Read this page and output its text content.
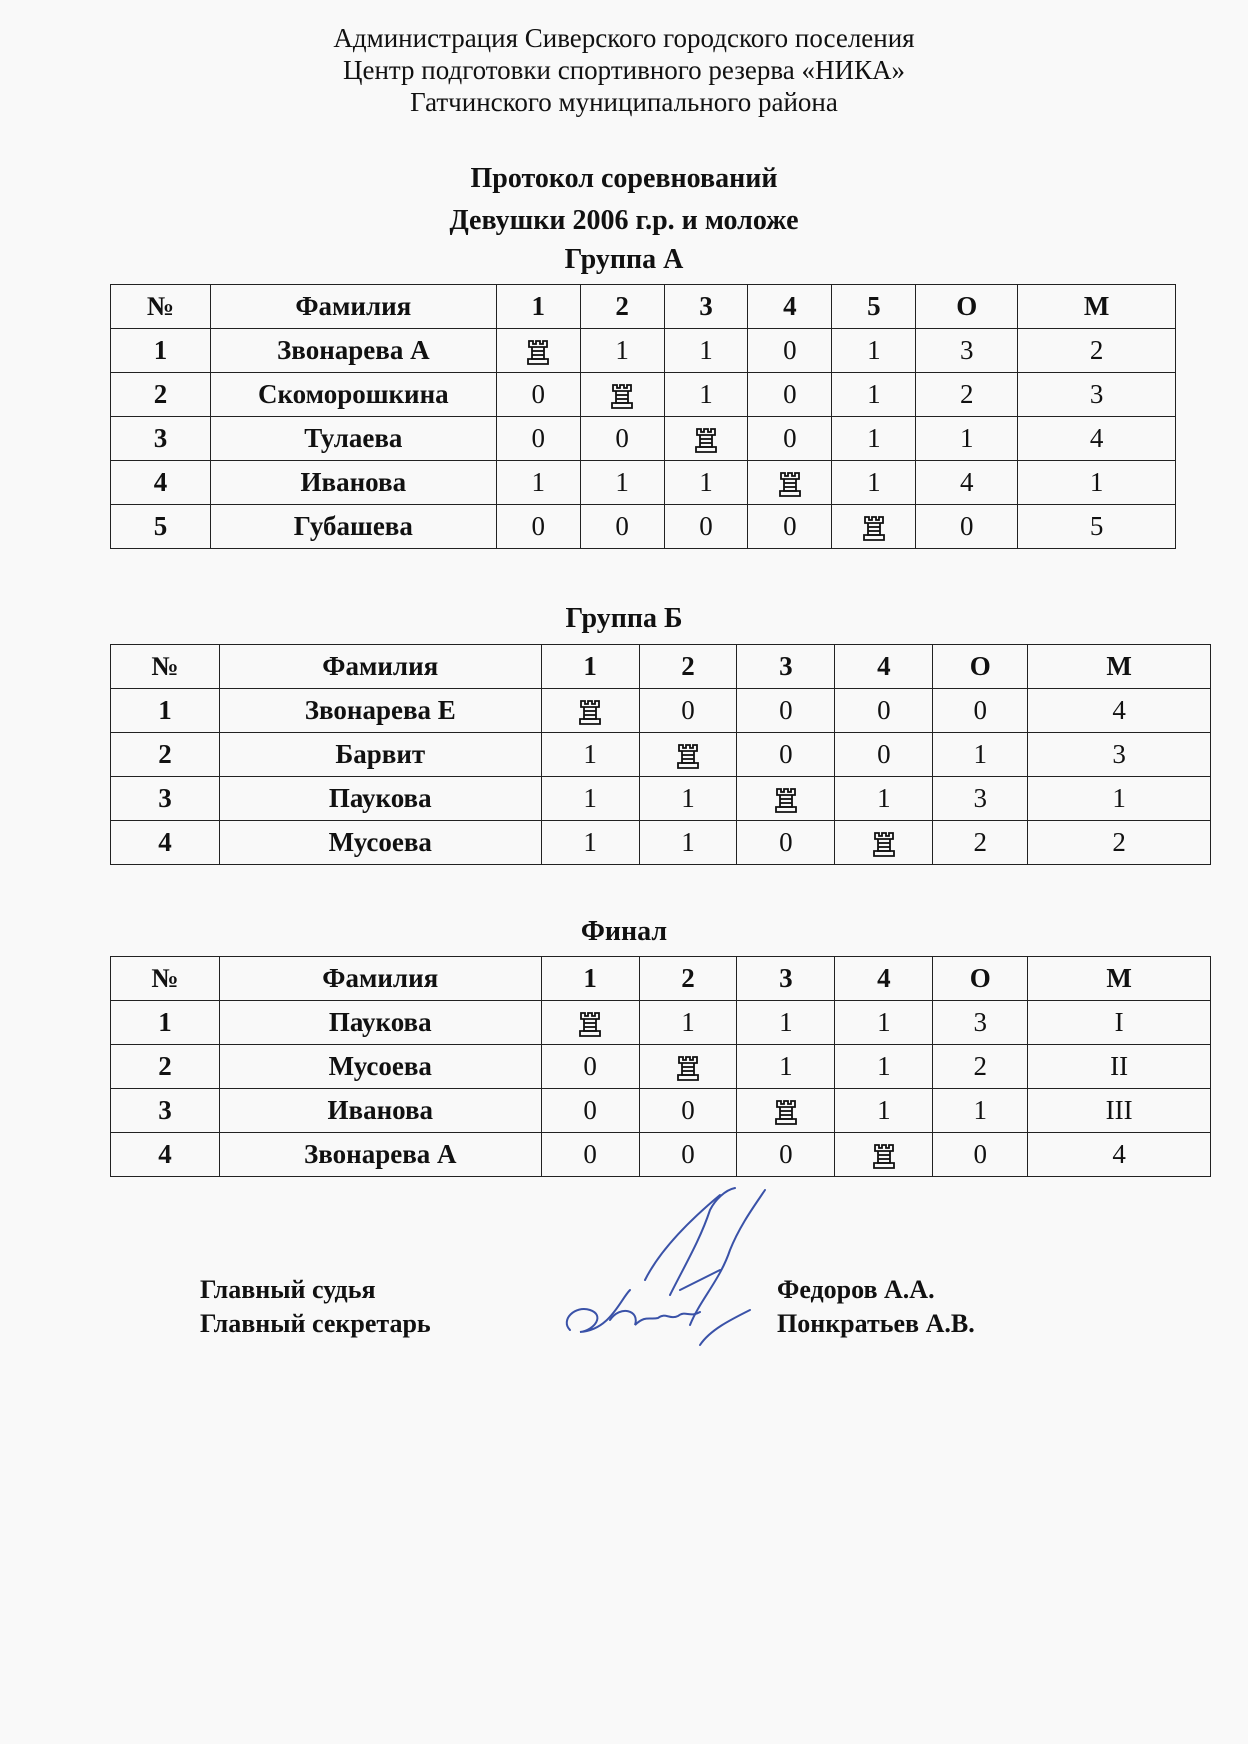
Администрация Сиверского городского поселения
Центр подготовки спортивного резерва «НИКА»
Гатчинского муниципального района
Протокол соревнований
Девушки 2006 г.р. и моложе
Группа А
№	Фамилия	1	2	3	4	5	О	М
1	Звонарева А		1	1	0	1	3	2
2	Скоморошкина	0		1	0	1	2	3
3	Тулаева	0	0		0	1	1	4
4	Иванова	1	1	1		1	4	1
5	Губашева	0	0	0	0		0	5
Группа Б
№	Фамилия	1	2	3	4	О	М
1	Звонарева Е		0	0	0	0	4
2	Барвит	1		0	0	1	3
3	Паукова	1	1		1	3	1
4	Мусоева	1	1	0		2	2
Финал
№	Фамилия	1	2	3	4	О	М
1	Паукова		1	1	1	3	I
2	Мусоева	0		1	1	2	II
3	Иванова	0	0		1	1	III
4	Звонарева А	0	0	0		0	4
Главный судья
Главный секретарь
Федоров А.А.
Понкратьев А.В.
